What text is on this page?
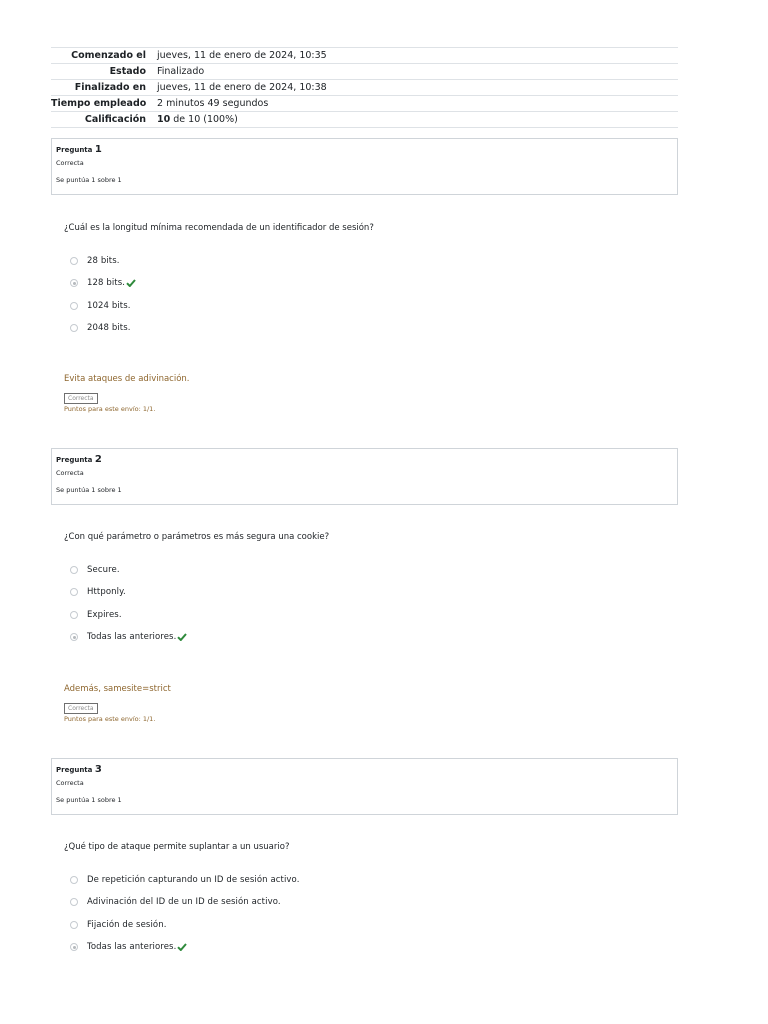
Comenzado el	jueves, 11 de enero de 2024, 10:35
Estado	Finalizado
Finalizado en	jueves, 11 de enero de 2024, 10:38
Tiempo empleado	2 minutos 49 segundos
Calificación	10 de 10 (100%)
Pregunta 1
Correcta
Se puntúa 1 sobre 1
¿Cuál es la longitud mínima recomendada de un identificador de sesión?
28 bits.
128 bits.
1024 bits.
2048 bits.
Evita ataques de adivinación.
Correcta
Puntos para este envío: 1/1.
Pregunta 2
Correcta
Se puntúa 1 sobre 1
¿Con qué parámetro o parámetros es más segura una cookie?
Secure.
Httponly.
Expires.
Todas las anteriores.
Además, samesite=strict
Correcta
Puntos para este envío: 1/1.
Pregunta 3
Correcta
Se puntúa 1 sobre 1
¿Qué tipo de ataque permite suplantar a un usuario?
De repetición capturando un ID de sesión activo.
Adivinación del ID de un ID de sesión activo.
Fijación de sesión.
Todas las anteriores.
